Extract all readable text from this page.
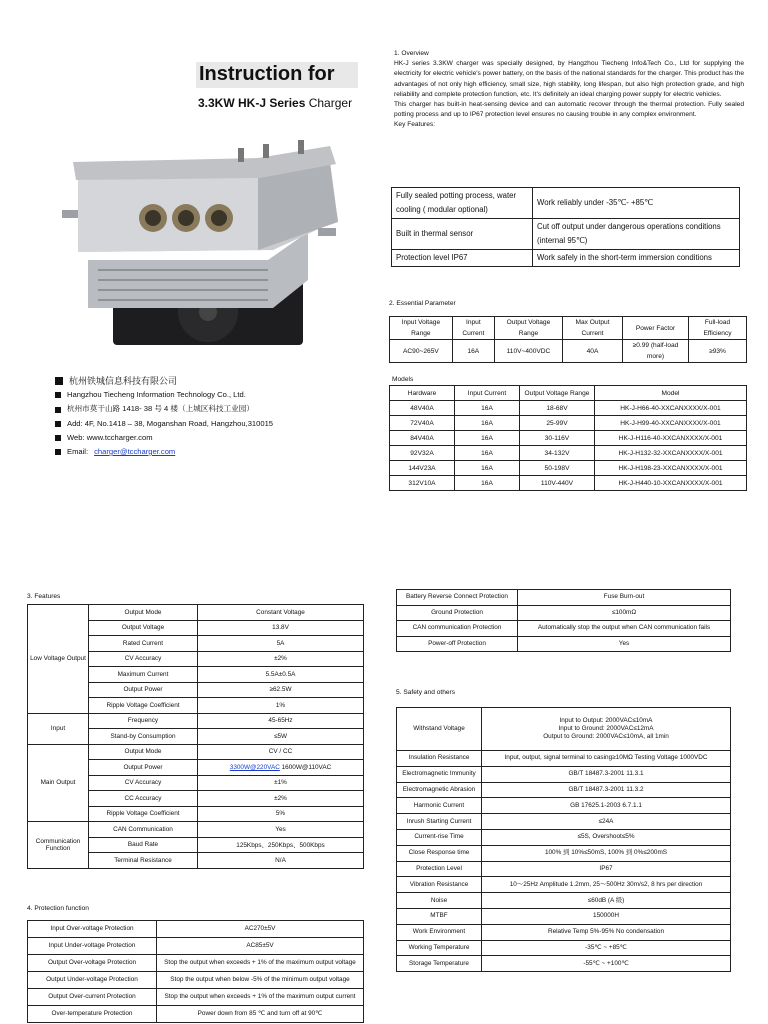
Instruction for
3.3KW HK-J Series Charger
杭州铁城信息科技有限公司
Hangzhou Tiecheng Information Technology Co., Ltd.
杭州市莫干山路 1418- 38 号 4 楼（上城区科技工业园）
Add: 4F, No.1418 – 38, Moganshan Road, Hangzhou,310015
Web: www.tccharger.com
Email: charger@tccharger.com
1. Overview
HK-J series 3.3KW charger was specially designed, by Hangzhou Tiecheng Info&Tech Co., Ltd for supplying the electricity for electric vehicle's power battery, on the basis of the national standards for the charger. This product has the advantages of not only high efficiency, small size, high stability, long lifespan, but also high protection grade, and high reliability and complete protection function, etc. It's definitely an ideal charging power supply for electric vehicles.
This charger has built-in heat-sensing device and can automatic recover through the thermal protection. Fully sealed potting process and up to IP67 protection level ensures no causing trouble in any complex environment.
Key Features:
Fully sealed potting process, water cooling ( modular optional)	Work reliably under -35℃- +85℃
Built in thermal sensor	Cut off output under dangerous operations conditions (internal 95℃)
Protection level IP67	Work safely in the short-term immersion conditions
2. Essential Parameter
Input Voltage Range	Input Current	Output Voltage Range	Max Output Current	Power Factor	Full-load Efficiency
AC90~265V	16A	110V~400VDC	40A	≥0.99 (half-load more)	≥93%
Models
Hardware	Input Current	Output Voltage Range	Model
48V40A	16A	18-68V	HK-J-H66-40-XXCANXXXX/X-001
72V40A	16A	25-99V	HK-J-H99-40-XXCANXXXX/X-001
84V40A	16A	30-116V	HK-J-H116-40-XXCANXXXX/X-001
92V32A	16A	34-132V	HK-J-H132-32-XXCANXXXX/X-001
144V23A	16A	50-198V	HK-J-H198-23-XXCANXXXX/X-001
312V10A	16A	110V-440V	HK-J-H440-10-XXCANXXXX/X-001
3. Features
Low Voltage Output	Output Mode	Constant Voltage
	Output Voltage	13.8V
	Rated Current	5A
	CV Accuracy	±2%
	Maximum Current	5.5A±0.5A
	Output Power	≥62.5W
	Ripple Voltage Coefficient	1%
Input	Frequency	45-65Hz
	Stand-by Consumption	≤5W
Main Output	Output Mode	CV / CC
	Output Power	3300W@220VAC 1600W@110VAC
	CV Accuracy	±1%
	CC Accuracy	±2%
	Ripple Voltage Coefficient	5%
Communication Function	CAN Communication	Yes
	Baud Rate	125Kbps、250Kbps、500Kbps
	Terminal Resistance	N/A
4. Protection function
Input Over-voltage Protection	AC270±5V
Input Under-voltage Protection	AC85±5V
Output Over-voltage Protection	Stop the output when exceeds + 1% of the maximum output voltage
Output Under-voltage Protection	Stop the output when below -5% of the minimum output voltage
Output Over-current Protection	Stop the output when exceeds + 1% of the maximum output current
Over-temperature Protection	Power down from 85 ℃ and turn off at 90℃
Battery Reverse Connect Protection	Fuse Burn-out
Ground Protection	≤100mΩ
CAN communication Protection	Automatically stop the output when CAN communication fails
Power-off Protection	Yes
5. Safety and others
Withstand Voltage	Input to Output: 2000VAC≤10mA
Input to Ground: 2000VAC≤12mA
Output to Ground: 2000VAC≤10mA, all 1min

Insulation Resistance	Input, output, signal terminal to casing≥10MΩ Testing Voltage 1000VDC
Electromagnetic Immunity	GB/T 18487.3-2001 11.3.1
Electromagnetic Abrasion	GB/T 18487.3-2001 11.3.2
Harmonic Current	GB 17625.1-2003 6.7.1.1
Inrush Starting Current	≤24A
Current-rise Time	≤5S, Overshoot≤5%
Close Response time	100% 到 10%≤50mS, 100% 到 0%≤200mS
Protection Level	IP67
Vibration Resistance	10～25Hz Amplitude 1.2mm, 25～500Hz 30m/s2, 8 hrs per direction
Noise	≤60dB (A 级)
MTBF	150000H
Work Environment	Relative Temp 5%-95% No condensation
Working Temperature	-35℃ ~ +85℃
Storage Temperature	-55℃ ~ +100℃
